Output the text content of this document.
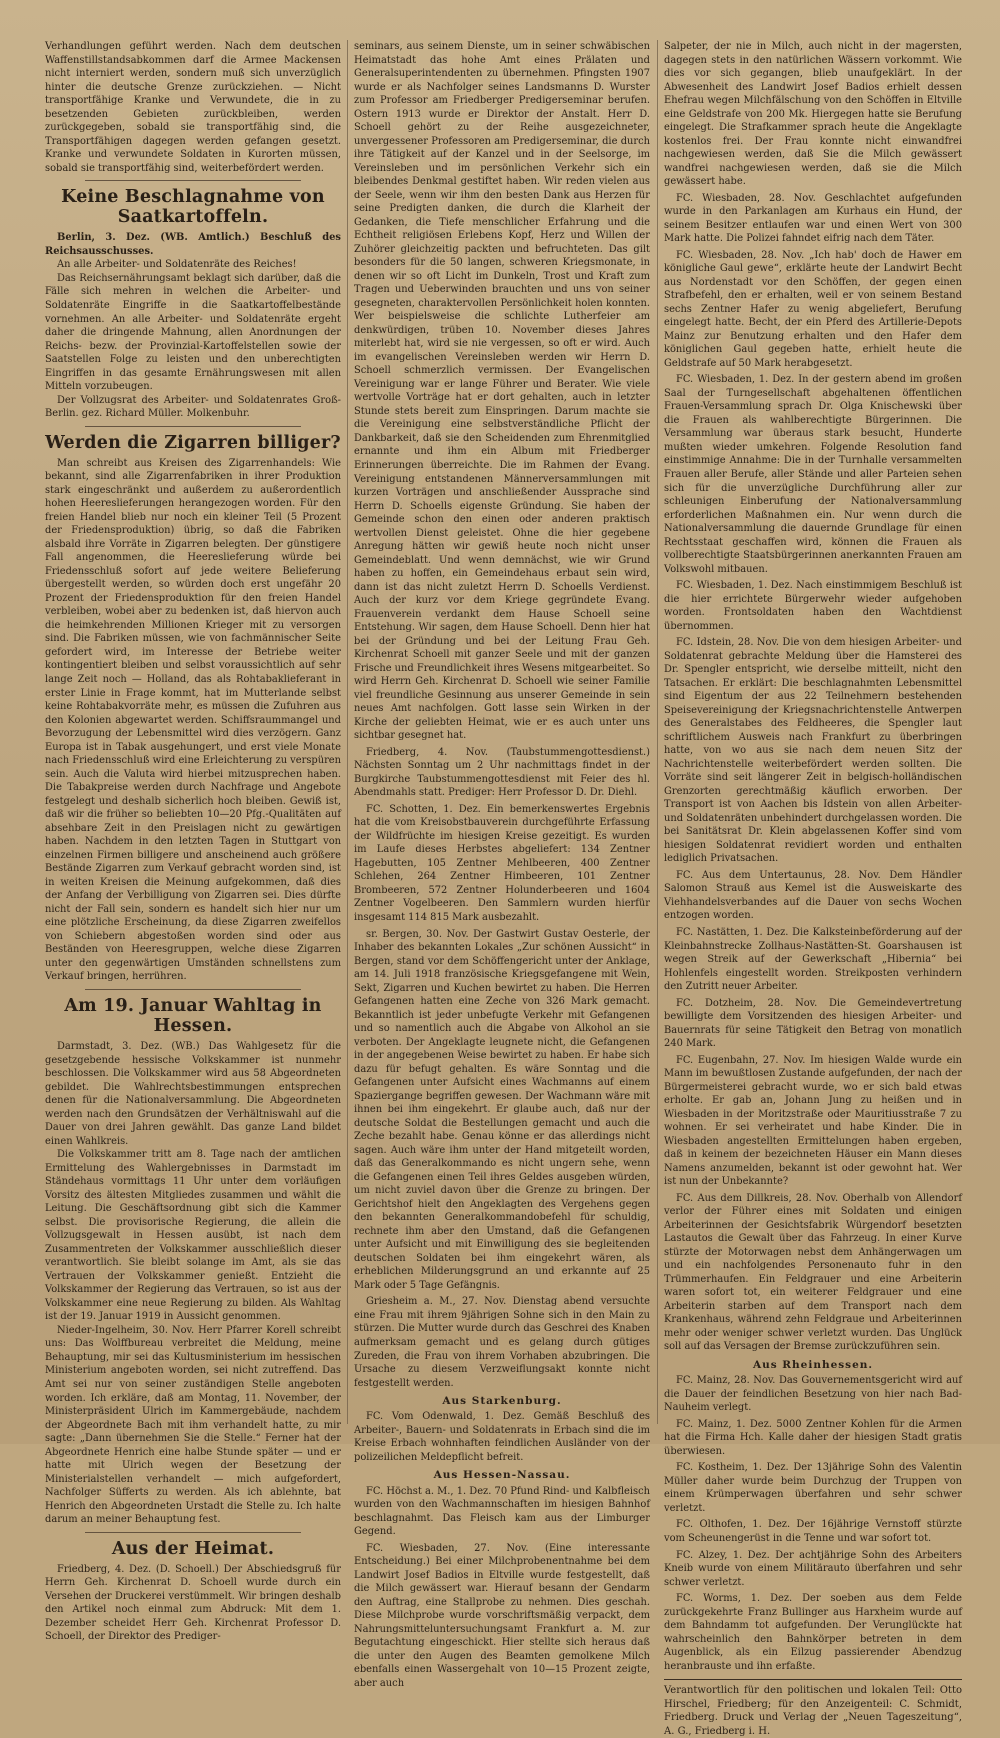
Verhandlungen geführt werden. Nach dem deutschen Waffenstillstandsabkommen darf die Armee Mackensen nicht interniert werden, sondern muß sich unverzüglich hinter die deutsche Grenze zurückziehen. — Nicht transportfähige Kranke und Verwundete, die in zu besetzenden Gebieten zurückbleiben, werden zurückgegeben, sobald sie transportfähig sind, die Transportfähigen dagegen werden gefangen gesetzt. Kranke und verwundete Soldaten in Kurorten müssen, sobald sie transportfähig sind, weiterbefördert werden.

Keine Beschlagnahme von Saatkartoffeln.

Berlin, 3. Dez. (WB. Amtlich.) Beschluß des Reichsausschusses.

An alle Arbeiter- und Soldatenräte des Reiches!

Das Reichsernährungsamt beklagt sich darüber, daß die Fälle sich mehren in welchen die Arbeiter- und Soldatenräte Eingriffe in die Saatkartoffelbestände vornehmen. An alle Arbeiter- und Soldatenräte ergeht daher die dringende Mahnung, allen Anordnungen der Reichs- bezw. der Provinzial-Kartoffelstellen sowie der Saatstellen Folge zu leisten und den unberechtigten Eingriffen in das gesamte Ernährungswesen mit allen Mitteln vorzubeugen.

Der Vollzugsrat des Arbeiter- und Soldatenrates Groß-Berlin. gez. Richard Müller. Molkenbuhr.

Werden die Zigarren billiger?

Man schreibt aus Kreisen des Zigarrenhandels: Wie bekannt, sind alle Zigarrenfabriken in ihrer Produktion stark eingeschränkt und außerdem zu außerordentlich hohen Heereslieferungen herangezogen worden. Für den freien Handel blieb nur noch ein kleiner Teil (5 Prozent der Friedensproduktion) übrig, so daß die Fabriken alsbald ihre Vorräte in Zigarren belegten. Der günstigere Fall angenommen, die Heereslieferung würde bei Friedensschluß sofort auf jede weitere Belieferung übergestellt werden, so würden doch erst ungefähr 20 Prozent der Friedensproduktion für den freien Handel verbleiben, wobei aber zu bedenken ist, daß hiervon auch die heimkehrenden Millionen Krieger mit zu versorgen sind. Die Fabriken müssen, wie von fachmännischer Seite gefordert wird, im Interesse der Betriebe weiter kontingentiert bleiben und selbst voraussichtlich auf sehr lange Zeit noch — Holland, das als Rohtabaklieferant in erster Linie in Frage kommt, hat im Mutterlande selbst keine Rohtabakvorräte mehr, es müssen die Zufuhren aus den Kolonien abgewartet werden. Schiffsraummangel und Bevorzugung der Lebensmittel wird dies verzögern. Ganz Europa ist in Tabak ausgehungert, und erst viele Monate nach Friedensschluß wird eine Erleichterung zu verspüren sein. Auch die Valuta wird hierbei mitzusprechen haben. Die Tabakpreise werden durch Nachfrage und Angebote festgelegt und deshalb sicherlich hoch bleiben. Gewiß ist, daß wir die früher so beliebten 10—20 Pfg.-Qualitäten auf absehbare Zeit in den Preislagen nicht zu gewärtigen haben. Nachdem in den letzten Tagen in Stuttgart von einzelnen Firmen billigere und anscheinend auch größere Bestände Zigarren zum Verkauf gebracht worden sind, ist in weiten Kreisen die Meinung aufgekommen, daß dies der Anfang der Verbilligung von Zigarren sei. Dies dürfte nicht der Fall sein, sondern es handelt sich hier nur um eine plötzliche Erscheinung, da diese Zigarren zweifellos von Schiebern abgestoßen worden sind oder aus Beständen von Heeresgruppen, welche diese Zigarren unter den gegenwärtigen Umständen schnellstens zum Verkauf bringen, herrühren.

Am 19. Januar Wahltag in Hessen.

Darmstadt, 3. Dez. (WB.) Das Wahlgesetz für die gesetzgebende hessische Volkskammer ist nunmehr beschlossen. Die Volkskammer wird aus 58 Abgeordneten gebildet. Die Wahlrechtsbestimmungen entsprechen denen für die Nationalversammlung. Die Abgeordneten werden nach den Grundsätzen der Verhältniswahl auf die Dauer von drei Jahren gewählt. Das ganze Land bildet einen Wahlkreis.

Die Volkskammer tritt am 8. Tage nach der amtlichen Ermittelung des Wahlergebnisses in Darmstadt im Ständehaus vormittags 11 Uhr unter dem vorläufigen Vorsitz des ältesten Mitgliedes zusammen und wählt die Leitung. Die Geschäftsordnung gibt sich die Kammer selbst. Die provisorische Regierung, die allein die Vollzugsgewalt in Hessen ausübt, ist nach dem Zusammentreten der Volkskammer ausschließlich dieser verantwortlich. Sie bleibt solange im Amt, als sie das Vertrauen der Volkskammer genießt. Entzieht die Volkskammer der Regierung das Vertrauen, so ist aus der Volkskammer eine neue Regierung zu bilden. Als Wahltag ist der 19. Januar 1919 in Aussicht genommen.

Nieder-Ingelheim, 30. Nov. Herr Pfarrer Korell schreibt uns: Das Wolffbureau verbreitet die Meldung, meine Behauptung, mir sei das Kultusministerium im hessischen Ministerium angeboten worden, sei nicht zutreffend. Das Amt sei nur von seiner zuständigen Stelle angeboten worden. Ich erkläre, daß am Montag, 11. November, der Ministerpräsident Ulrich im Kammergebäude, nachdem der Abgeordnete Bach mit ihm verhandelt hatte, zu mir sagte: „Dann übernehmen Sie die Stelle.“ Ferner hat der Abgeordnete Henrich eine halbe Stunde später — und er hatte mit Ulrich wegen der Besetzung der Ministerialstellen verhandelt — mich aufgefordert, Nachfolger Süfferts zu werden. Als ich ablehnte, bat Henrich den Abgeordneten Urstadt die Stelle zu. Ich halte darum an meiner Behauptung fest.

Aus der Heimat.

Friedberg, 4. Dez. (D. Schoell.) Der Abschiedsgruß für Herrn Geh. Kirchenrat D. Schoell wurde durch ein Versehen der Druckerei verstümmelt. Wir bringen deshalb den Artikel noch einmal zum Abdruck: Mit dem 1. Dezember scheidet Herr Geh. Kirchenrat Professor D. Schoell, der Direktor des Prediger-

seminars, aus seinem Dienste, um in seiner schwäbischen Heimatstadt das hohe Amt eines Prälaten und Generalsuperintendenten zu übernehmen. Pfingsten 1907 wurde er als Nachfolger seines Landsmanns D. Wurster zum Professor am Friedberger Predigerseminar berufen. Ostern 1913 wurde er Direktor der Anstalt. Herr D. Schoell gehört zu der Reihe ausgezeichneter, unvergessener Professoren am Predigerseminar, die durch ihre Tätigkeit auf der Kanzel und in der Seelsorge, im Vereinsleben und im persönlichen Verkehr sich ein bleibendes Denkmal gestiftet haben. Wir reden vielen aus der Seele, wenn wir ihm den besten Dank aus Herzen für seine Predigten danken, die durch die Klarheit der Gedanken, die Tiefe menschlicher Erfahrung und die Echtheit religiösen Erlebens Kopf, Herz und Willen der Zuhörer gleichzeitig packten und befruchteten. Das gilt besonders für die 50 langen, schweren Kriegsmonate, in denen wir so oft Licht im Dunkeln, Trost und Kraft zum Tragen und Ueberwinden brauchten und uns von seiner gesegneten, charaktervollen Persönlichkeit holen konnten. Wer beispielsweise die schlichte Lutherfeier am denkwürdigen, trüben 10. November dieses Jahres miterlebt hat, wird sie nie vergessen, so oft er wird. Auch im evangelischen Vereinsleben werden wir Herrn D. Schoell schmerzlich vermissen. Der Evangelischen Vereinigung war er lange Führer und Berater. Wie viele wertvolle Vorträge hat er dort gehalten, auch in letzter Stunde stets bereit zum Einspringen. Darum machte sie die Vereinigung eine selbstverständliche Pflicht der Dankbarkeit, daß sie den Scheidenden zum Ehrenmitglied ernannte und ihm ein Album mit Friedberger Erinnerungen überreichte. Die im Rahmen der Evang. Vereinigung entstandenen Männerversammlungen mit kurzen Vorträgen und anschließender Aussprache sind Herrn D. Schoells eigenste Gründung. Sie haben der Gemeinde schon den einen oder anderen praktisch wertvollen Dienst geleistet. Ohne die hier gegebene Anregung hätten wir gewiß heute noch nicht unser Gemeindeblatt. Und wenn demnächst, wie wir Grund haben zu hoffen, ein Gemeindehaus erbaut sein wird, dann ist das nicht zuletzt Herrn D. Schoells Verdienst. Auch der kurz vor dem Kriege gegründete Evang. Frauenverein verdankt dem Hause Schoell seine Entstehung. Wir sagen, dem Hause Schoell. Denn hier hat bei der Gründung und bei der Leitung Frau Geh. Kirchenrat Schoell mit ganzer Seele und mit der ganzen Frische und Freundlichkeit ihres Wesens mitgearbeitet. So wird Herrn Geh. Kirchenrat D. Schoell wie seiner Familie viel freundliche Gesinnung aus unserer Gemeinde in sein neues Amt nachfolgen. Gott lasse sein Wirken in der Kirche der geliebten Heimat, wie er es auch unter uns sichtbar gesegnet hat.

Friedberg, 4. Nov. (Taubstummengottesdienst.) Nächsten Sonntag um 2 Uhr nachmittags findet in der Burgkirche Taubstummengottesdienst mit Feier des hl. Abendmahls statt. Prediger: Herr Professor D. Dr. Diehl.

FC. Schotten, 1. Dez. Ein bemerkenswertes Ergebnis hat die vom Kreisobstbauverein durchgeführte Erfassung der Wildfrüchte im hiesigen Kreise gezeitigt. Es wurden im Laufe dieses Herbstes abgeliefert: 134 Zentner Hagebutten, 105 Zentner Mehlbeeren, 400 Zentner Schlehen, 264 Zentner Himbeeren, 101 Zentner Brombeeren, 572 Zentner Holunderbeeren und 1604 Zentner Vogelbeeren. Den Sammlern wurden hierfür insgesamt 114 815 Mark ausbezahlt.

sr. Bergen, 30. Nov. Der Gastwirt Gustav Oesterle, der Inhaber des bekannten Lokales „Zur schönen Aussicht“ in Bergen, stand vor dem Schöffengericht unter der Anklage, am 14. Juli 1918 französische Kriegsgefangene mit Wein, Sekt, Zigarren und Kuchen bewirtet zu haben. Die Herren Gefangenen hatten eine Zeche von 326 Mark gemacht. Bekanntlich ist jeder unbefugte Verkehr mit Gefangenen und so namentlich auch die Abgabe von Alkohol an sie verboten. Der Angeklagte leugnete nicht, die Gefangenen in der angegebenen Weise bewirtet zu haben. Er habe sich dazu für befugt gehalten. Es wäre Sonntag und die Gefangenen unter Aufsicht eines Wachmanns auf einem Spaziergange begriffen gewesen. Der Wachmann wäre mit ihnen bei ihm eingekehrt. Er glaube auch, daß nur der deutsche Soldat die Bestellungen gemacht und auch die Zeche bezahlt habe. Genau könne er das allerdings nicht sagen. Auch wäre ihm unter der Hand mitgeteilt worden, daß das Generalkommando es nicht ungern sehe, wenn die Gefangenen einen Teil ihres Geldes ausgeben würden, um nicht zuviel davon über die Grenze zu bringen. Der Gerichtshof hielt den Angeklagten des Vergehens gegen den bekannten Generalkommandobefehl für schuldig, rechnete ihm aber den Umstand, daß die Gefangenen unter Aufsicht und mit Einwilligung des sie begleitenden deutschen Soldaten bei ihm eingekehrt wären, als erheblichen Milderungsgrund an und erkannte auf 25 Mark oder 5 Tage Gefängnis.

Griesheim a. M., 27. Nov. Dienstag abend versuchte eine Frau mit ihrem 9jährigen Sohne sich in den Main zu stürzen. Die Mutter wurde durch das Geschrei des Knaben aufmerksam gemacht und es gelang durch gütiges Zureden, die Frau von ihrem Vorhaben abzubringen. Die Ursache zu diesem Verzweiflungsakt konnte nicht festgestellt werden.

Aus Starkenburg.

FC. Vom Odenwald, 1. Dez. Gemäß Beschluß des Arbeiter-, Bauern- und Soldatenrats in Erbach sind die im Kreise Erbach wohnhaften feindlichen Ausländer von der polizeilichen Meldepflicht befreit.

Aus Hessen-Nassau.

FC. Höchst a. M., 1. Dez. 70 Pfund Rind- und Kalbfleisch wurden von den Wachmannschaften im hiesigen Bahnhof beschlagnahmt. Das Fleisch kam aus der Limburger Gegend.

FC. Wiesbaden, 27. Nov. (Eine interessante Entscheidung.) Bei einer Milchprobenentnahme bei dem Landwirt Josef Badios in Eltville wurde festgestellt, daß die Milch gewässert war. Hierauf besann der Gendarm den Auftrag, eine Stallprobe zu nehmen. Dies geschah. Diese Milchprobe wurde vorschriftsmäßig verpackt, dem Nahrungsmitteluntersuchungsamt Frankfurt a. M. zur Begutachtung eingeschickt. Hier stellte sich heraus daß die unter den Augen des Beamten gemolkene Milch ebenfalls einen Wassergehalt von 10—15 Prozent zeigte, aber auch

Salpeter, der nie in Milch, auch nicht in der magersten, dagegen stets in den natürlichen Wässern vorkommt. Wie dies vor sich gegangen, blieb unaufgeklärt. In der Abwesenheit des Landwirt Josef Badios erhielt dessen Ehefrau wegen Milchfälschung von den Schöffen in Eltville eine Geldstrafe von 200 Mk. Hiergegen hatte sie Berufung eingelegt. Die Strafkammer sprach heute die Angeklagte kostenlos frei. Der Frau konnte nicht einwandfrei nachgewiesen werden, daß Sie die Milch gewässert wandfrei nachgewiesen werden, daß sie die Milch gewässert habe.

FC. Wiesbaden, 28. Nov. Geschlachtet aufgefunden wurde in den Parkanlagen am Kurhaus ein Hund, der seinem Besitzer entlaufen war und einen Wert von 300 Mark hatte. Die Polizei fahndet eifrig nach dem Täter.

FC. Wiesbaden, 28. Nov. „Ich hab' doch de Hawer em königliche Gaul gewe“, erklärte heute der Landwirt Becht aus Nordenstadt vor den Schöffen, der gegen einen Strafbefehl, den er erhalten, weil er von seinem Bestand sechs Zentner Hafer zu wenig abgeliefert, Berufung eingelegt hatte. Becht, der ein Pferd des Artillerie-Depots Mainz zur Benutzung erhalten und den Hafer dem königlichen Gaul gegeben hatte, erhielt heute die Geldstrafe auf 50 Mark herabgesetzt.

FC. Wiesbaden, 1. Dez. In der gestern abend im großen Saal der Turngesellschaft abgehaltenen öffentlichen Frauen-Versammlung sprach Dr. Olga Knischewski über die Frauen als wahlberechtigte Bürgerinnen. Die Versammlung war überaus stark besucht, Hunderte mußten wieder umkehren. Folgende Resolution fand einstimmige Annahme: Die in der Turnhalle versammelten Frauen aller Berufe, aller Stände und aller Parteien sehen sich für die unverzügliche Durchführung aller zur schleunigen Einberufung der Nationalversammlung erforderlichen Maßnahmen ein. Nur wenn durch die Nationalversammlung die dauernde Grundlage für einen Rechtsstaat geschaffen wird, können die Frauen als vollberechtigte Staatsbürgerinnen anerkannten Frauen am Volkswohl mitbauen.

FC. Wiesbaden, 1. Dez. Nach einstimmigem Beschluß ist die hier errichtete Bürgerwehr wieder aufgehoben worden. Frontsoldaten haben den Wachtdienst übernommen.

FC. Idstein, 28. Nov. Die von dem hiesigen Arbeiter- und Soldatenrat gebrachte Meldung über die Hamsterei des Dr. Spengler entspricht, wie derselbe mitteilt, nicht den Tatsachen. Er erklärt: Die beschlagnahmten Lebensmittel sind Eigentum der aus 22 Teilnehmern bestehenden Speisevereinigung der Kriegsnachrichtenstelle Antwerpen des Generalstabes des Feldheeres, die Spengler laut schriftlichem Ausweis nach Frankfurt zu überbringen hatte, von wo aus sie nach dem neuen Sitz der Nachrichtenstelle weiterbefördert werden sollten. Die Vorräte sind seit längerer Zeit in belgisch-holländischen Grenzorten gerechtmäßig käuflich erworben. Der Transport ist von Aachen bis Idstein von allen Arbeiter- und Soldatenräten unbehindert durchgelassen worden. Die bei Sanitätsrat Dr. Klein abgelassenen Koffer sind vom hiesigen Soldatenrat revidiert worden und enthalten lediglich Privatsachen.

FC. Aus dem Untertaunus, 28. Nov. Dem Händler Salomon Strauß aus Kemel ist die Ausweiskarte des Viehhandelsverbandes auf die Dauer von sechs Wochen entzogen worden.

FC. Nastätten, 1. Dez. Die Kalksteinbeförderung auf der Kleinbahnstrecke Zollhaus-Nastätten-St. Goarshausen ist wegen Streik auf der Gewerkschaft „Hibernia“ bei Hohlenfels eingestellt worden. Streikposten verhindern den Zutritt neuer Arbeiter.

FC. Dotzheim, 28. Nov. Die Gemeindevertretung bewilligte dem Vorsitzenden des hiesigen Arbeiter- und Bauernrats für seine Tätigkeit den Betrag von monatlich 240 Mark.

FC. Eugenbahn, 27. Nov. Im hiesigen Walde wurde ein Mann im bewußtlosen Zustande aufgefunden, der nach der Bürgermeisterei gebracht wurde, wo er sich bald etwas erholte. Er gab an, Johann Jung zu heißen und in Wiesbaden in der Moritzstraße oder Mauritiusstraße 7 zu wohnen. Er sei verheiratet und habe Kinder. Die in Wiesbaden angestellten Ermittelungen haben ergeben, daß in keinem der bezeichneten Häuser ein Mann dieses Namens anzumelden, bekannt ist oder gewohnt hat. Wer ist nun der Unbekannte?

FC. Aus dem Dillkreis, 28. Nov. Oberhalb von Allendorf verlor der Führer eines mit Soldaten und einigen Arbeiterinnen der Gesichtsfabrik Würgendorf besetzten Lastautos die Gewalt über das Fahrzeug. In einer Kurve stürzte der Motorwagen nebst dem Anhängerwagen um und ein nachfolgendes Personenauto fuhr in den Trümmerhaufen. Ein Feldgrauer und eine Arbeiterin waren sofort tot, ein weiterer Feldgrauer und eine Arbeiterin starben auf dem Transport nach dem Krankenhaus, während zehn Feldgraue und Arbeiterinnen mehr oder weniger schwer verletzt wurden. Das Unglück soll auf das Versagen der Bremse zurückzuführen sein.

Aus Rheinhessen.

FC. Mainz, 28. Nov. Das Gouvernementsgericht wird auf die Dauer der feindlichen Besetzung von hier nach Bad-Nauheim verlegt.

FC. Mainz, 1. Dez. 5000 Zentner Kohlen für die Armen hat die Firma Hch. Kalle daher der hiesigen Stadt gratis überwiesen.

FC. Kostheim, 1. Dez. Der 13jährige Sohn des Valentin Müller daher wurde beim Durchzug der Truppen von einem Krümperwagen überfahren und sehr schwer verletzt.

FC. Olthofen, 1. Dez. Der 16jährige Vernstoff stürzte vom Scheunengerüst in die Tenne und war sofort tot.

FC. Alzey, 1. Dez. Der achtjährige Sohn des Arbeiters Kneib wurde von einem Militärauto überfahren und sehr schwer verletzt.

FC. Worms, 1. Dez. Der soeben aus dem Felde zurückgekehrte Franz Bullinger aus Harxheim wurde auf dem Bahndamm tot aufgefunden. Der Verunglückte hat wahrscheinlich den Bahnkörper betreten in dem Augenblick, als ein Eilzug passierender Abendzug heranbrauste und ihn erfaßte.

Verantwortlich für den politischen und lokalen Teil: Otto Hirschel, Friedberg; für den Anzeigenteil: C. Schmidt, Friedberg. Druck und Verlag der „Neuen Tageszeitung“, A. G., Friedberg i. H.
